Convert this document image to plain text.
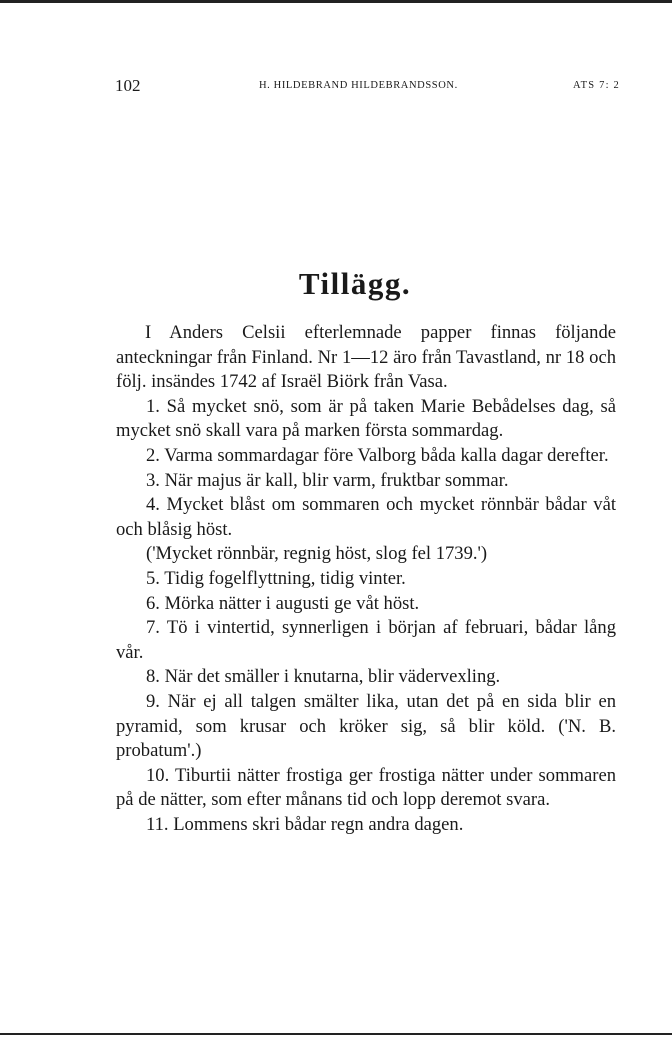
102	H. HILDEBRAND HILDEBRANDSSON.	ATS 7: 2
Tillägg.

I Anders Celsii efterlemnade papper finnas följande anteckningar från Finland. Nr 1—12 äro från Tavastland, nr 18 och följ. insändes 1742 af Israël Biörk från Vasa.

1. Så mycket snö, som är på taken Marie Bebådelses dag, så mycket snö skall vara på marken första sommardag.

2. Varma sommardagar före Valborg båda kalla dagar derefter.

3. När majus är kall, blir varm, fruktbar sommar.

4. Mycket blåst om sommaren och mycket rönnbär bådar våt och blåsig höst.

('Mycket rönnbär, regnig höst, slog fel 1739.')

5. Tidig fogelflyttning, tidig vinter.

6. Mörka nätter i augusti ge våt höst.

7. Tö i vintertid, synnerligen i början af februari, bådar lång vår.

8. När det smäller i knutarna, blir vädervexling.

9. När ej all talgen smälter lika, utan det på en sida blir en pyramid, som krusar och kröker sig, så blir köld. ('N. B. probatum'.)

10. Tiburtii nätter frostiga ger frostiga nätter under sommaren på de nätter, som efter månans tid och lopp deremot svara.

11. Lommens skri bådar regn andra dagen.
